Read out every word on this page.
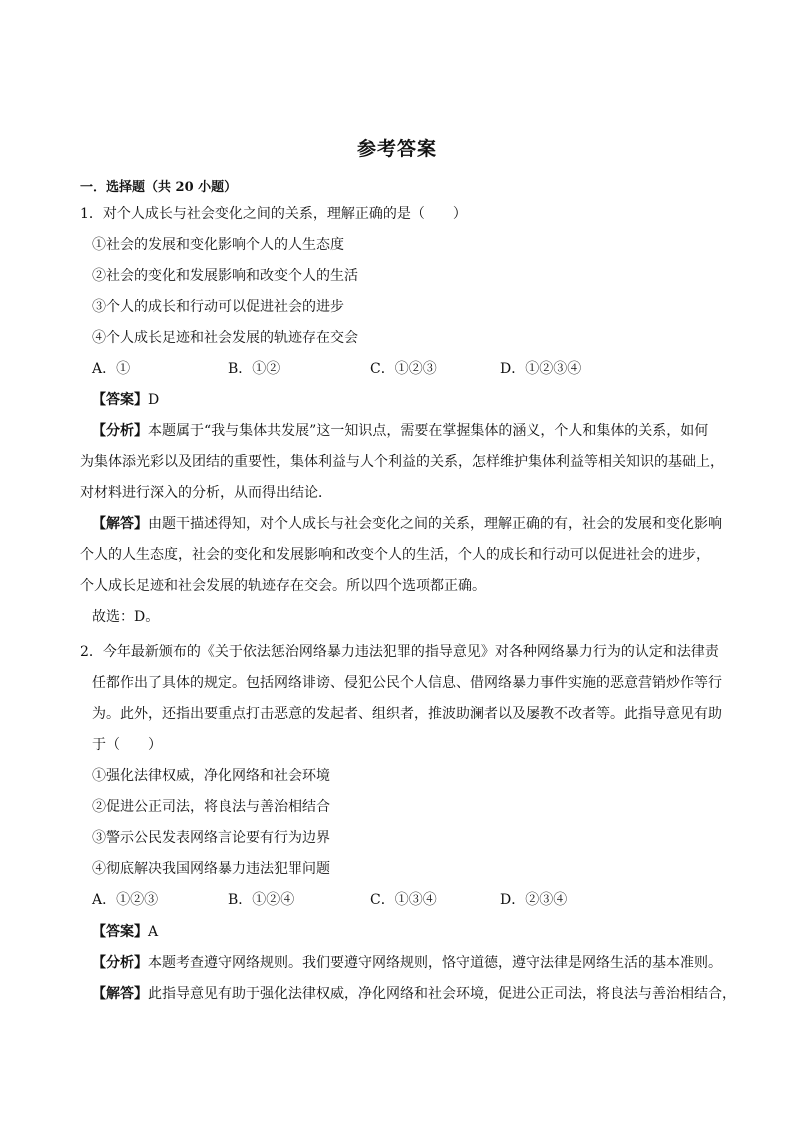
参考答案
一．选择题（共 20 小题）
1．对个人成长与社会变化之间的关系，理解正确的是（　　）
①社会的发展和变化影响个人的人生态度
②社会的变化和发展影响和改变个人的生活
③个人的成长和行动可以促进社会的进步
④个人成长足迹和社会发展的轨迹存在交会
A．①	B．①②	C．①②③	D．①②③④
【答案】D
【分析】本题属于“我与集体共发展”这一知识点，需要在掌握集体的涵义，个人和集体的关系，如何
为集体添光彩以及团结的重要性，集体利益与人个利益的关系，怎样维护集体利益等相关知识的基础上，
对材料进行深入的分析，从而得出结论．
【解答】由题干描述得知，对个人成长与社会变化之间的关系，理解正确的有，社会的发展和变化影响
个人的人生态度，社会的变化和发展影响和改变个人的生活，个人的成长和行动可以促进社会的进步，
个人成长足迹和社会发展的轨迹存在交会。所以四个选项都正确。
故选：D。
2．今年最新颁布的《关于依法惩治网络暴力违法犯罪的指导意见》对各种网络暴力行为的认定和法律责
任都作出了具体的规定。包括网络诽谤、侵犯公民个人信息、借网络暴力事件实施的恶意营销炒作等行
为。此外，还指出要重点打击恶意的发起者、组织者，推波助澜者以及屡教不改者等。此指导意见有助
于（　　）
①强化法律权威，净化网络和社会环境
②促进公正司法，将良法与善治相结合
③警示公民发表网络言论要有行为边界
④彻底解决我国网络暴力违法犯罪问题
A．①②③	B．①②④	C．①③④	D．②③④
【答案】A
【分析】本题考查遵守网络规则。我们要遵守网络规则，恪守道德，遵守法律是网络生活的基本准则。
【解答】此指导意见有助于强化法律权威，净化网络和社会环境，促进公正司法，将良法与善治相结合，
